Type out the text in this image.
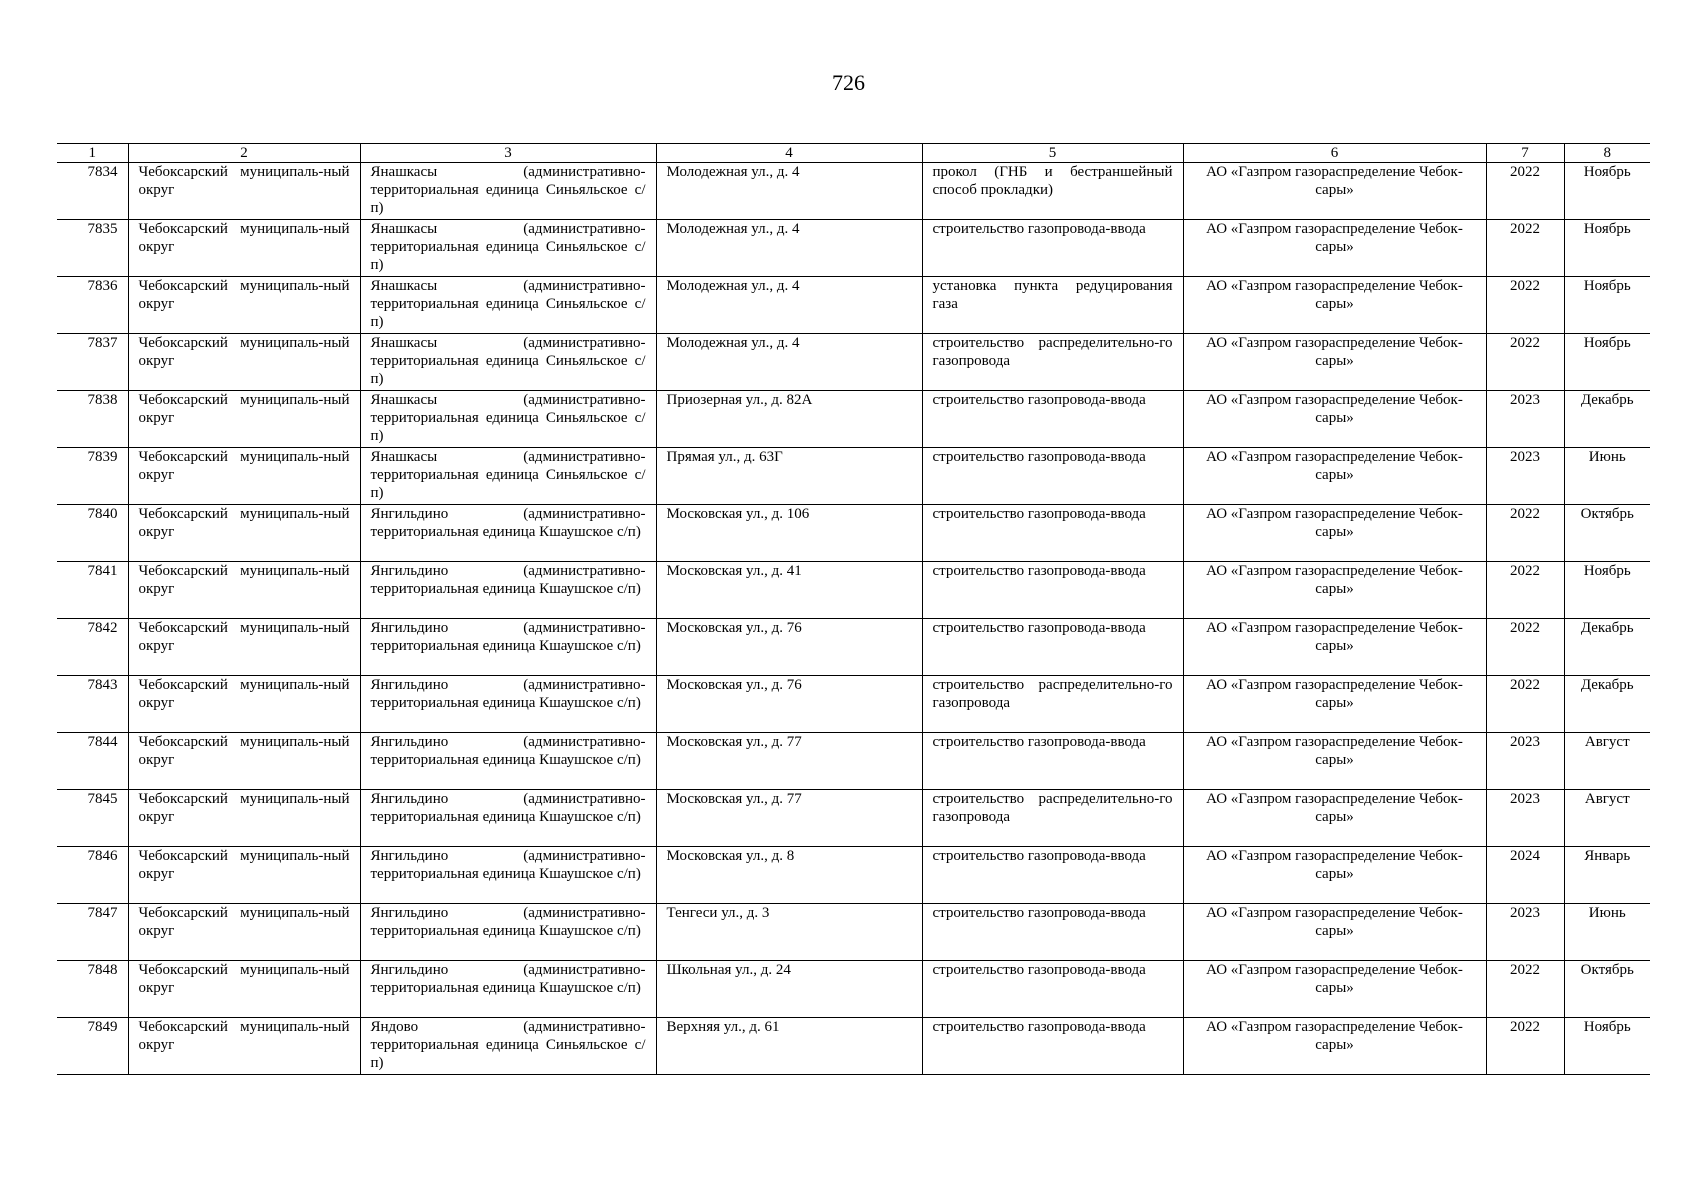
726
1	2	3	4	5	6	7	8
7834	Чебоксарский муниципаль-ный округ	Янашкасы (административно-территориальная единица Синьяльское с/п)	Молодежная ул., д. 4	прокол (ГНБ и бестраншейный способ прокладки)	АО «Газпром газораспределение Чебок-сары»	2022	Ноябрь
7835	Чебоксарский муниципаль-ный округ	Янашкасы (административно-территориальная единица Синьяльское с/п)	Молодежная ул., д. 4	строительство газопровода-ввода	АО «Газпром газораспределение Чебок-сары»	2022	Ноябрь
7836	Чебоксарский муниципаль-ный округ	Янашкасы (административно-территориальная единица Синьяльское с/п)	Молодежная ул., д. 4	установка пункта редуцирования газа	АО «Газпром газораспределение Чебок-сары»	2022	Ноябрь
7837	Чебоксарский муниципаль-ный округ	Янашкасы (административно-территориальная единица Синьяльское с/п)	Молодежная ул., д. 4	строительство распределительно-го газопровода	АО «Газпром газораспределение Чебок-сары»	2022	Ноябрь
7838	Чебоксарский муниципаль-ный округ	Янашкасы (административно-территориальная единица Синьяльское с/п)	Приозерная ул., д. 82А	строительство газопровода-ввода	АО «Газпром газораспределение Чебок-сары»	2023	Декабрь
7839	Чебоксарский муниципаль-ный округ	Янашкасы (административно-территориальная единица Синьяльское с/п)	Прямая ул., д. 63Г	строительство газопровода-ввода	АО «Газпром газораспределение Чебок-сары»	2023	Июнь
7840	Чебоксарский муниципаль-ный округ	Янгильдино (административно-территориальная единица Кшаушское с/п)	Московская ул., д. 106	строительство газопровода-ввода	АО «Газпром газораспределение Чебок-сары»	2022	Октябрь
7841	Чебоксарский муниципаль-ный округ	Янгильдино (административно-территориальная единица Кшаушское с/п)	Московская ул., д. 41	строительство газопровода-ввода	АО «Газпром газораспределение Чебок-сары»	2022	Ноябрь
7842	Чебоксарский муниципаль-ный округ	Янгильдино (административно-территориальная единица Кшаушское с/п)	Московская ул., д. 76	строительство газопровода-ввода	АО «Газпром газораспределение Чебок-сары»	2022	Декабрь
7843	Чебоксарский муниципаль-ный округ	Янгильдино (административно-территориальная единица Кшаушское с/п)	Московская ул., д. 76	строительство распределительно-го газопровода	АО «Газпром газораспределение Чебок-сары»	2022	Декабрь
7844	Чебоксарский муниципаль-ный округ	Янгильдино (административно-территориальная единица Кшаушское с/п)	Московская ул., д. 77	строительство газопровода-ввода	АО «Газпром газораспределение Чебок-сары»	2023	Август
7845	Чебоксарский муниципаль-ный округ	Янгильдино (административно-территориальная единица Кшаушское с/п)	Московская ул., д. 77	строительство распределительно-го газопровода	АО «Газпром газораспределение Чебок-сары»	2023	Август
7846	Чебоксарский муниципаль-ный округ	Янгильдино (административно-территориальная единица Кшаушское с/п)	Московская ул., д. 8	строительство газопровода-ввода	АО «Газпром газораспределение Чебок-сары»	2024	Январь
7847	Чебоксарский муниципаль-ный округ	Янгильдино (административно-территориальная единица Кшаушское с/п)	Тенгеси ул., д. 3	строительство газопровода-ввода	АО «Газпром газораспределение Чебок-сары»	2023	Июнь
7848	Чебоксарский муниципаль-ный округ	Янгильдино (административно-территориальная единица Кшаушское с/п)	Школьная ул., д. 24	строительство газопровода-ввода	АО «Газпром газораспределение Чебок-сары»	2022	Октябрь
7849	Чебоксарский муниципаль-ный округ	Яндово (административно-территориальная единица Синьяльское с/п)	Верхняя ул., д. 61	строительство газопровода-ввода	АО «Газпром газораспределение Чебок-сары»	2022	Ноябрь
